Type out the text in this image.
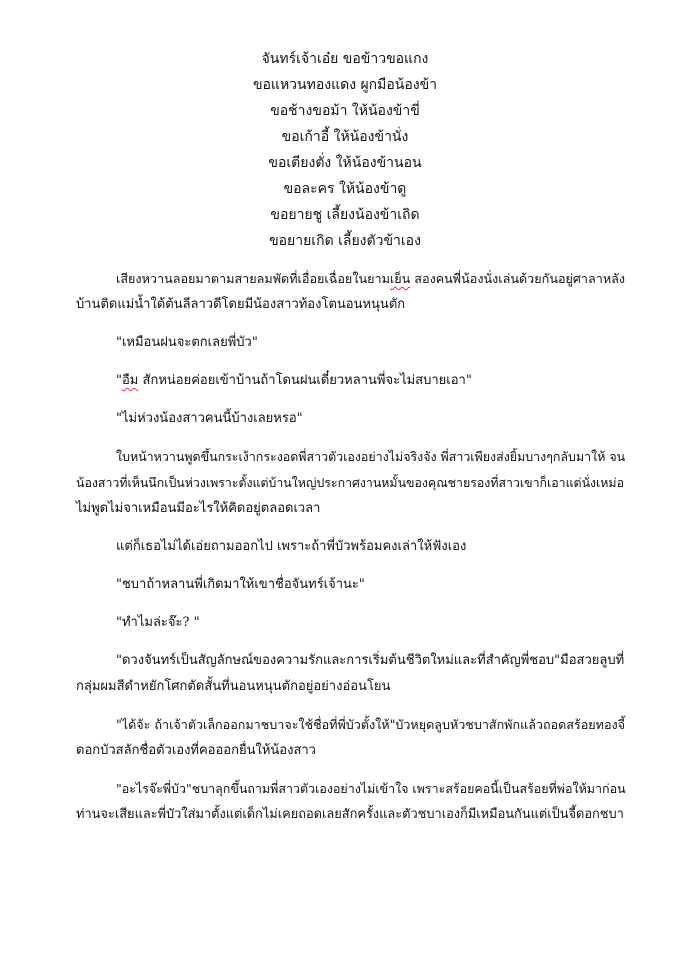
จันทร์เจ้าเอ๋ย ขอข้าวขอแกง
ขอแหวนทองแดง ผูกมือน้องข้า
ขอช้างขอม้า ให้น้องข้าขี่
ขอเก้าอี้ ให้น้องข้านั่ง
ขอเตียงตั่ง ให้น้องข้านอน
ขอละคร ให้น้องข้าดู
ขอยายชู เลี้ยงน้องข้าเถิด
ขอยายเกิด เลี้ยงตัวข้าเอง
เสียงหวานลอยมาตามสายลมพัดที่เอื่อยเฉื่อยในยามเย็น สองคนพี่น้องนั่งเล่นด้วยกันอยู่ศาลาหลัง
บ้านติดแม่น้ำใต้ต้นลีลาวดีโดยมีน้องสาวท้องโตนอนหนุนตัก
"เหมือนฝนจะตกเลยพี่บัว"
"อืม สักหน่อยค่อยเข้าบ้านถ้าโดนฝนเดี๋ยวหลานพี่จะไม่สบายเอา"
"ไม่ห่วงน้องสาวคนนี้บ้างเลยหรอ"
ใบหน้าหวานพูดขึ้นกระเง้ากระงอดพี่สาวตัวเองอย่างไม่จริงจัง พี่สาวเพียงส่งยิ้มบางๆกลับมาให้ จน
น้องสาวที่เห็นนึกเป็นห่วงเพราะตั้งแต่บ้านใหญ่ประกาศงานหมั้นของคุณชายรองที่สาวเขาก็เอาแต่นั่งเหม่อ
ไม่พูดไม่จาเหมือนมีอะไรให้คิดอยู่ตลอดเวลา
แต่ก็เธอไม่ได้เอ่ยถามออกไป เพราะถ้าพี่บัวพร้อมคงเล่าให้ฟังเอง
"ชบาถ้าหลานพี่เกิดมาให้เขาชื่อจันทร์เจ้านะ"
"ทำไมล่ะจ๊ะ? "
"ดวงจันทร์เป็นสัญลักษณ์ของความรักและการเริ่มต้นชีวิตใหม่และที่สำคัญพี่ชอบ"มือสวยลูบที่
กลุ่มผมสีดำหยักโศกตัดสั้นที่นอนหนุนตักอยู่อย่างอ่อนโยน
"ได้จ้ะ ถ้าเจ้าตัวเล็กออกมาชบาจะใช้ชื่อที่พี่บัวตั้งให้"บัวหยุดลูบหัวชบาสักพักแล้วถอดสร้อยทองจี้
ดอกบัวสลักชื่อตัวเองที่คอออกยื่นให้น้องสาว
"อะไรจ๊ะพี่บัว"ชบาลุกขึ้นถามพี่สาวตัวเองอย่างไม่เข้าใจ เพราะสร้อยคอนี้เป็นสร้อยที่พ่อให้มาก่อน
ท่านจะเสียและพี่บัวใส่มาตั้งแต่เด็กไม่เคยถอดเลยสักครั้งและตัวชบาเองก็มีเหมือนกันแต่เป็นจี้ดอกชบา
